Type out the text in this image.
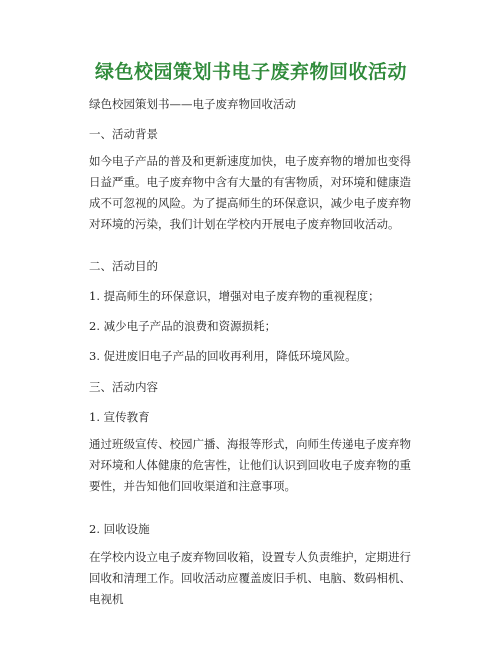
绿色校园策划书电子废弃物回收活动
绿色校园策划书——电子废弃物回收活动
一、活动背景
如今电子产品的普及和更新速度加快，电子废弃物的增加也变得日益严重。电子废弃物中含有大量的有害物质，对环境和健康造成不可忽视的风险。为了提高师生的环保意识，减少电子废弃物对环境的污染，我们计划在学校内开展电子废弃物回收活动。
二、活动目的
1. 提高师生的环保意识，增强对电子废弃物的重视程度；
2. 减少电子产品的浪费和资源损耗；
3. 促进废旧电子产品的回收再利用，降低环境风险。
三、活动内容
1. 宣传教育
通过班级宣传、校园广播、海报等形式，向师生传递电子废弃物对环境和人体健康的危害性，让他们认识到回收电子废弃物的重要性，并告知他们回收渠道和注意事项。
2. 回收设施
在学校内设立电子废弃物回收箱，设置专人负责维护，定期进行回收和清理工作。回收活动应覆盖废旧手机、电脑、数码相机、电视机
